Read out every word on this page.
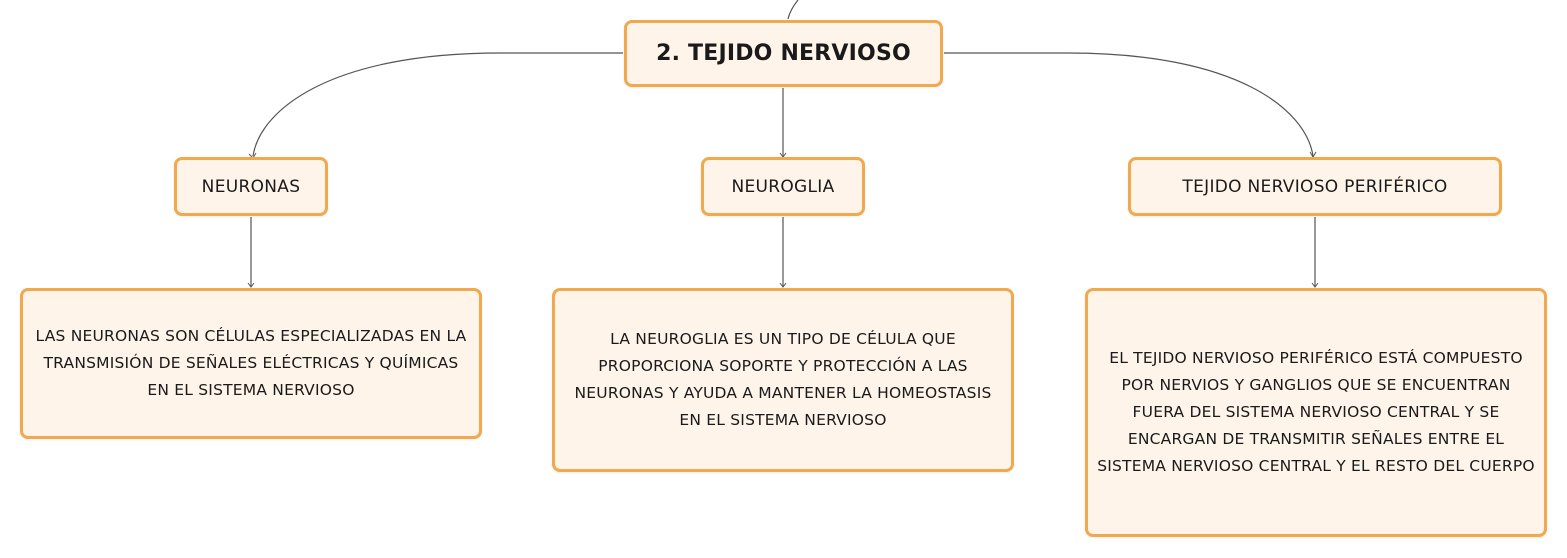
2. TEJIDO NERVIOSO
NEURONAS	NEUROGLIA	TEJIDO NERVIOSO PERIFÉRICO
LAS NEURONAS SON CÉLULAS ESPECIALIZADAS EN LA TRANSMISIÓN DE SEÑALES ELÉCTRICAS Y QUÍMICAS EN EL SISTEMA NERVIOSO
LA NEUROGLIA ES UN TIPO DE CÉLULA QUE PROPORCIONA SOPORTE Y PROTECCIÓN A LAS NEURONAS Y AYUDA A MANTENER LA HOMEOSTASIS EN EL SISTEMA NERVIOSO
EL TEJIDO NERVIOSO PERIFÉRICO ESTÁ COMPUESTO POR NERVIOS Y GANGLIOS QUE SE ENCUENTRAN FUERA DEL SISTEMA NERVIOSO CENTRAL Y SE ENCARGAN DE TRANSMITIR SEÑALES ENTRE EL SISTEMA NERVIOSO CENTRAL Y EL RESTO DEL CUERPO
